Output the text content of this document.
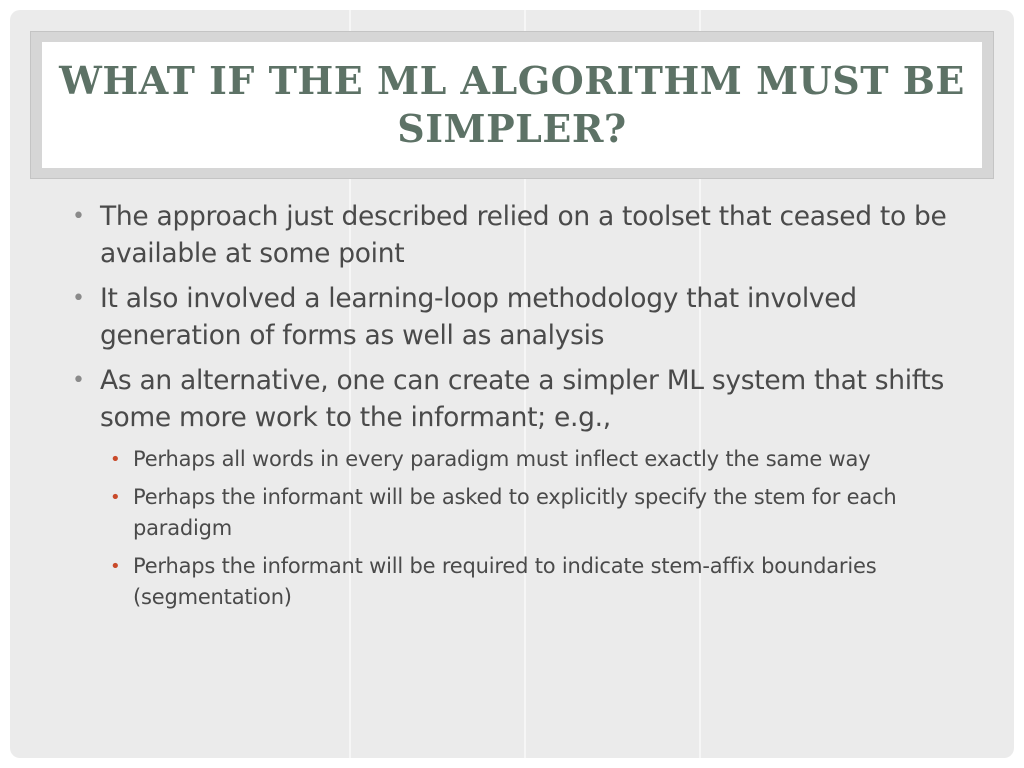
WHAT IF THE ML ALGORITHM MUST BE SIMPLER?
• The approach just described relied on a toolset that ceased to be available at some point
• It also involved a learning-loop methodology that involved generation of forms as well as analysis
• As an alternative, one can create a simpler ML system that shifts some more work to the informant; e.g.,
• Perhaps all words in every paradigm must inflect exactly the same way
• Perhaps the informant will be asked to explicitly specify the stem for each paradigm
• Perhaps the informant will be required to indicate stem-affix boundaries (segmentation)
